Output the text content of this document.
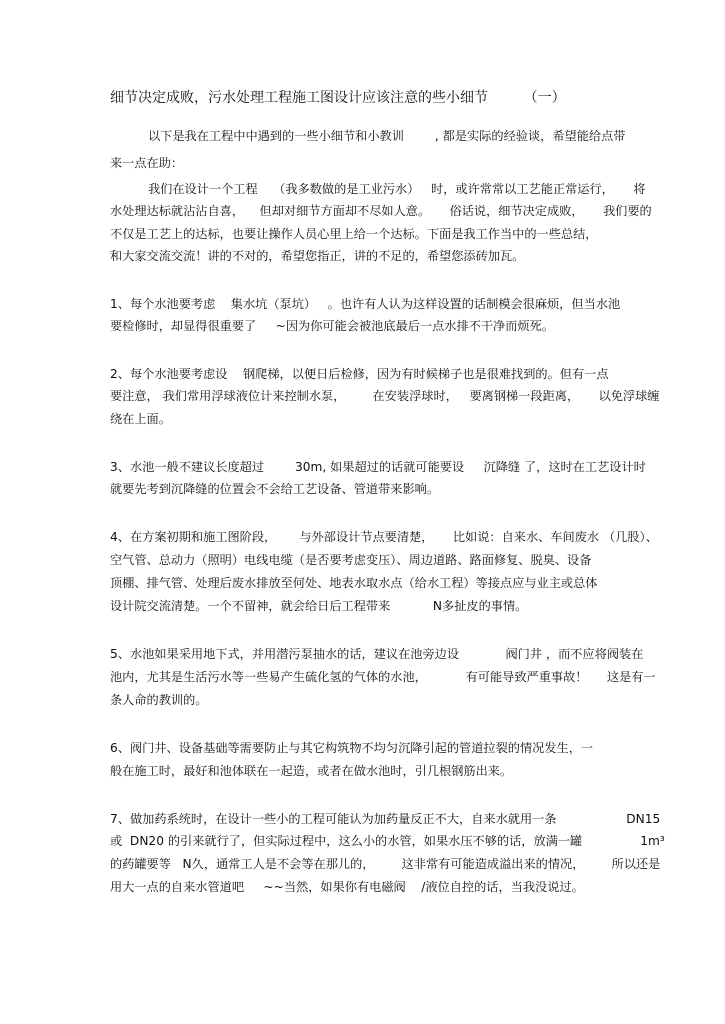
细节决定成败，污水处理工程施工图设计应该注意的些小细节        （一）
以下是我在工程中中遇到的一些小细节和小教训        , 都是实际的经验谈，希望能给点带
来一点在助：
我们在设计一个工程    （我多数做的是工业污水）   时，或许常常以工艺能正常运行，     将
水处理达标就沾沾自喜，    但却对细节方面却不尽如人意。     俗话说，细节决定成败，     我们要的
不仅是工艺上的达标，也要让操作人员心里上给一个达标。下面是我工作当中的一些总结，
和大家交流交流！讲的不对的，希望您指正，讲的不足的，希望您添砖加瓦。
1、每个水池要考虑    集水坑（泵坑）   。也许有人认为这样设置的话制模会很麻烦，但当水池
要检修时，却显得很重要了     ~因为你可能会被池底最后一点水排不干净而烦死。
2、每个水池要考虑设    钢爬梯，以便日后检修，因为有时候梯子也是很难找到的。但有一点
要注意， 我们常用浮球液位计来控制水泵，       在安装浮球时，   要离钢梯一段距离，     以免浮球缠
绕在上面。
3、水池一般不建议长度超过        30m, 如果超过的话就可能要设     沉降缝 了，这时在工艺设计时
就要先考到沉降缝的位置会不会给工艺设备、管道带来影响。
4、在方案初期和施工图阶段，      与外部设计节点要清楚，     比如说：自来水、车间废水 （几股）、
空气管、总动力（照明）电线电缆（是否要考虑变压）、周边道路、路面修复、脱臭、设备
顶棚、排气管、处理后废水排放至何处、地表水取水点（给水工程）等接点应与业主或总体
设计院交流清楚。一个不留神，就会给日后工程带来           N多扯皮的事情。
5、水池如果采用地下式，并用潜污泵抽水的话，建议在池旁边设            阀门井 ，而不应将阀装在
池内，尤其是生活污水等一些易产生硫化氢的气体的水池，          有可能导致严重事故！     这是有一
条人命的教训的。
6、阀门井、设备基础等需要防止与其它构筑物不均匀沉降引起的管道拉裂的情况发生，一
般在施工时，最好和池体联在一起造，或者在做水池时，引几根钢筋出来。
7、做加药系统时，在设计一些小的工程可能认为加药量反正不大，自来水就用一条                  DN15
或  DN20 的引来就行了，但实际过程中，这么小的水管，如果水压不够的话，放满一罐               1m³
的药罐要等   N久，通常工人是不会等在那儿的，       这非常有可能造成溢出来的情况，       所以还是
用大一点的自来水管道吧     ~~当然，如果你有电磁阀    /液位自控的话，当我没说过。
